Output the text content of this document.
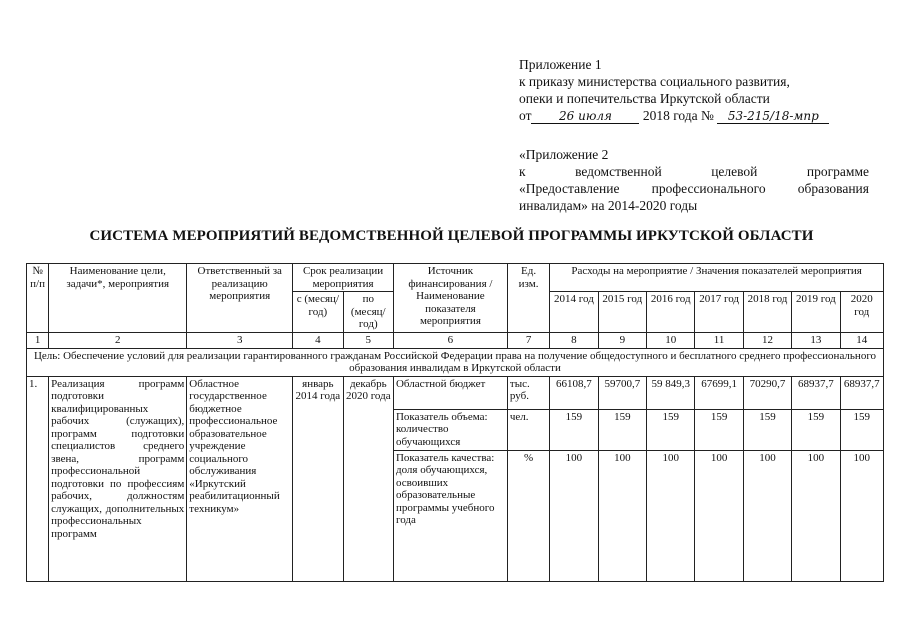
Приложение 1
к приказу министерства социального развития,
опеки и попечительства Иркутской области
от 26 июля 2018 года № 53-215/18-мпр
«Приложение 2
к ведомственной целевой программе
«Предоставление профессионального образования
инвалидам» на 2014-2020 годы
СИСТЕМА МЕРОПРИЯТИЙ ВЕДОМСТВЕННОЙ ЦЕЛЕВОЙ ПРОГРАММЫ ИРКУТСКОЙ ОБЛАСТИ
№ п/п	Наименование цели, задачи*, мероприятия	Ответственный за реализацию мероприятия	Срок реализации мероприятия		Источник финансирования / Наименование показателя мероприятия	Ед. изм.	Расходы на мероприятие / Значения показателей мероприятия						
			с (месяц/ год)	по (месяц/ год)									
							2014 год	2015 год	2016 год	2017 год	2018 год	2019 год	2020 год
1	2	3	4	5	6	7	8	9	10	11	12	13	14
Цель: Обеспечение условий для реализации гарантированного гражданам Российской Федерации права на получение общедоступного и бесплатного среднего профессионального образования инвалидам в Иркутской области													
1.	Реализация программ подготовки квалифицированных рабочих (служащих), программ подготовки специалистов среднего звена, программ профессиональной подготовки по профессиям рабочих, должностям служащих, дополнительных профессиональных программ	Областное государственное бюджетное профессиональное образовательное учреждение социального обслуживания «Иркутский реабилитационный техникум»	январь 2014 года	декабрь 2020 года	Областной бюджет	тыс. руб.	66108,7	59700,7	59 849,3	67699,1	70290,7	68937,7	68937,7
					Показатель объема: количество обучающихся	чел.	159	159	159	159	159	159	159
					Показатель качества: доля обучающихся, освоивших образовательные программы учебного года	%	100	100	100	100	100	100	100
